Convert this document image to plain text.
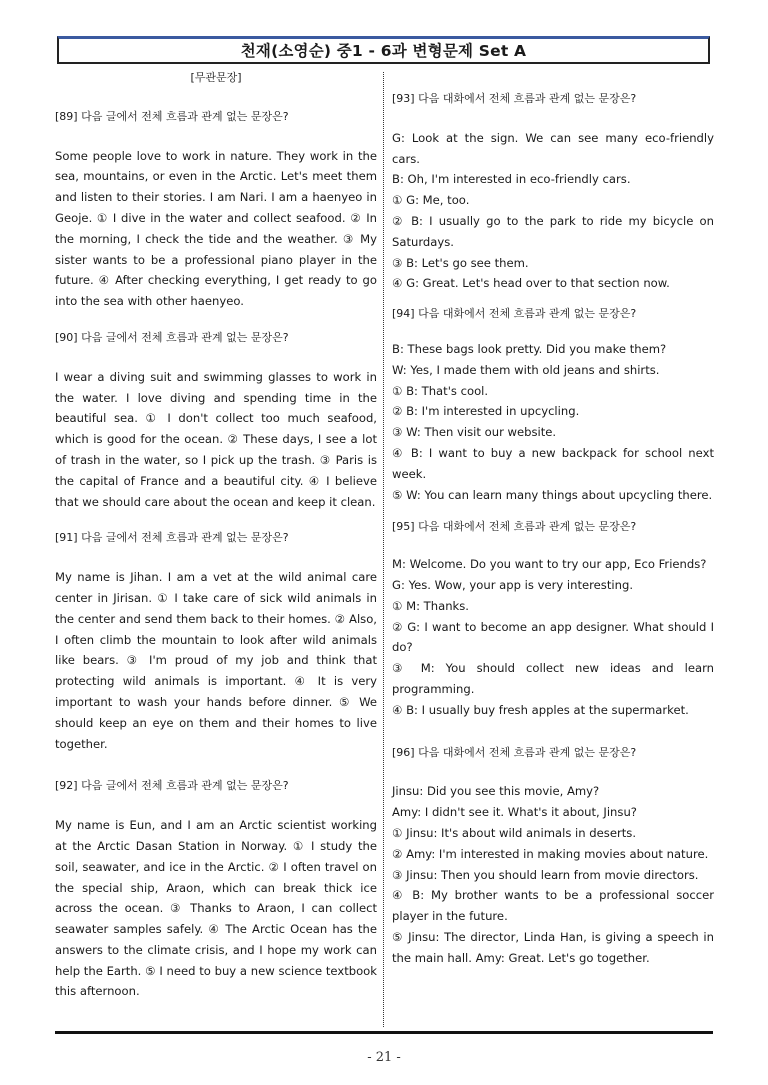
천재(소영순) 중1 - 6과 변형문제 Set A
[무관문장]
[89] 다음 글에서 전체 흐름과 관계 없는 문장은?

Some people love to work in nature. They work in the sea, mountains, or even in the Arctic. Let's meet them and listen to their stories. I am Nari. I am a haenyeo in Geoje. ① I dive in the water and collect seafood. ② In the morning, I check the tide and the weather. ③ My sister wants to be a professional piano player in the future. ④ After checking everything, I get ready to go into the sea with other haenyeo.

[90] 다음 글에서 전체 흐름과 관계 없는 문장은?

I wear a diving suit and swimming glasses to work in the water. I love diving and spending time in the beautiful sea. ① I don't collect too much seafood, which is good for the ocean. ② These days, I see a lot of trash in the water, so I pick up the trash. ③ Paris is the capital of France and a beautiful city. ④ I believe that we should care about the ocean and keep it clean.

[91] 다음 글에서 전체 흐름과 관계 없는 문장은?

My name is Jihan. I am a vet at the wild animal care center in Jirisan. ① I take care of sick wild animals in the center and send them back to their homes. ② Also, I often climb the mountain to look after wild animals like bears. ③ I'm proud of my job and think that protecting wild animals is important. ④ It is very important to wash your hands before dinner. ⑤ We should keep an eye on them and their homes to live together.

[92] 다음 글에서 전체 흐름과 관계 없는 문장은?

My name is Eun, and I am an Arctic scientist working at the Arctic Dasan Station in Norway. ① I study the soil, seawater, and ice in the Arctic. ② I often travel on the special ship, Araon, which can break thick ice across the ocean. ③ Thanks to Araon, I can collect seawater samples safely. ④ The Arctic Ocean has the answers to the climate crisis, and I hope my work can help the Earth. ⑤ I need to buy a new science textbook this afternoon.

[93] 다음 대화에서 전체 흐름과 관계 없는 문장은?

G: Look at the sign. We can see many eco-friendly cars.

B: Oh, I'm interested in eco-friendly cars.

① G: Me, too.

② B: I usually go to the park to ride my bicycle on Saturdays.

③ B: Let's go see them.

④ G: Great. Let's head over to that section now.

[94] 다음 대화에서 전체 흐름과 관계 없는 문장은?

B: These bags look pretty. Did you make them?

W: Yes, I made them with old jeans and shirts.

① B: That's cool.

② B: I'm interested in upcycling.

③ W: Then visit our website.

④ B: I want to buy a new backpack for school next week.

⑤ W: You can learn many things about upcycling there.

[95] 다음 대화에서 전체 흐름과 관계 없는 문장은?

M: Welcome. Do you want to try our app, Eco Friends?

G: Yes. Wow, your app is very interesting.

① M: Thanks.

② G: I want to become an app designer. What should I do?

③ M: You should collect new ideas and learn programming.

④ B: I usually buy fresh apples at the supermarket.

[96] 다음 대화에서 전체 흐름과 관계 없는 문장은?

Jinsu: Did you see this movie, Amy?

Amy: I didn't see it. What's it about, Jinsu?

① Jinsu: It's about wild animals in deserts.

② Amy: I'm interested in making movies about nature.

③ Jinsu: Then you should learn from movie directors.

④ B: My brother wants to be a professional soccer player in the future.

⑤ Jinsu: The director, Linda Han, is giving a speech in the main hall. Amy: Great. Let's go together.

- 21 -
